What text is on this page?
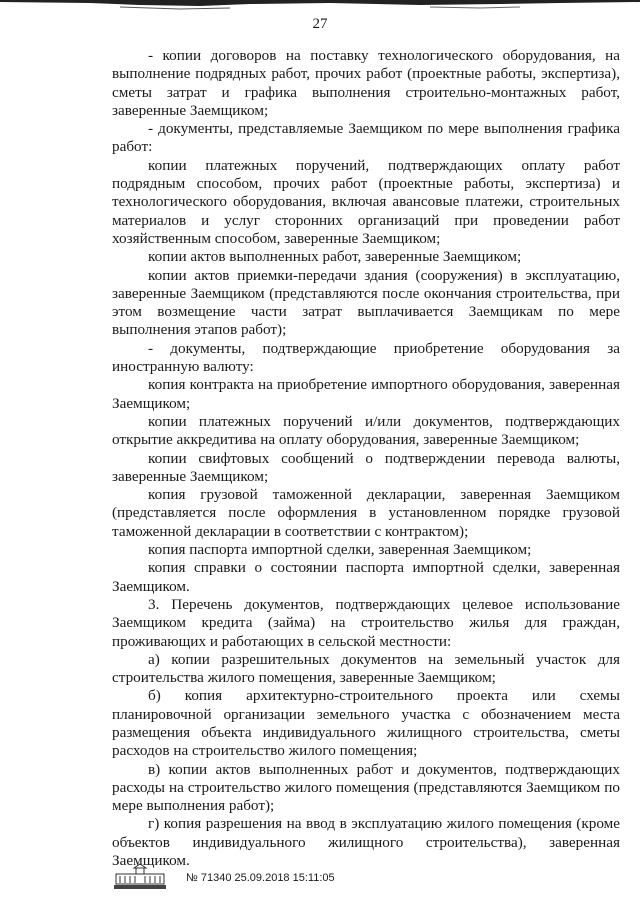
27

- копии договоров на поставку технологического оборудования, на выполнение подрядных работ, прочих работ (проектные работы, экспертиза), сметы затрат и графика выполнения строительно-монтажных работ, заверенные Заемщиком;

- документы, представляемые Заемщиком по мере выполнения графика работ:

копии платежных поручений, подтверждающих оплату работ подрядным способом, прочих работ (проектные работы, экспертиза) и технологического оборудования, включая авансовые платежи, строительных материалов и услуг сторонних организаций при проведении работ хозяйственным способом, заверенные Заемщиком;

копии актов выполненных работ, заверенные Заемщиком;

копии актов приемки-передачи здания (сооружения) в эксплуатацию, заверенные Заемщиком (представляются после окончания строительства, при этом возмещение части затрат выплачивается Заемщикам по мере выполнения этапов работ);

- документы, подтверждающие приобретение оборудования за иностранную валюту:

копия контракта на приобретение импортного оборудования, заверенная Заемщиком;

копии платежных поручений и/или документов, подтверждающих открытие аккредитива на оплату оборудования, заверенные Заемщиком;

копии свифтовых сообщений о подтверждении перевода валюты, заверенные Заемщиком;

копия грузовой таможенной декларации, заверенная Заемщиком (представляется после оформления в установленном порядке грузовой таможенной декларации в соответствии с контрактом);

копия паспорта импортной сделки, заверенная Заемщиком;

копия справки о состоянии паспорта импортной сделки, заверенная Заемщиком.

3. Перечень документов, подтверждающих целевое использование Заемщиком кредита (займа) на строительство жилья для граждан, проживающих и работающих в сельской местности:

а) копии разрешительных документов на земельный участок для строительства жилого помещения, заверенные Заемщиком;

б) копия архитектурно-строительного проекта или схемы планировочной организации земельного участка с обозначением места размещения объекта индивидуального жилищного строительства, сметы расходов на строительство жилого помещения;

в) копии актов выполненных работ и документов, подтверждающих расходы на строительство жилого помещения (представляются Заемщиком по мере выполнения работ);

г) копия разрешения на ввод в эксплуатацию жилого помещения (кроме объектов индивидуального жилищного строительства), заверенная Заемщиком.

№ 71340 25.09.2018 15:11:05
